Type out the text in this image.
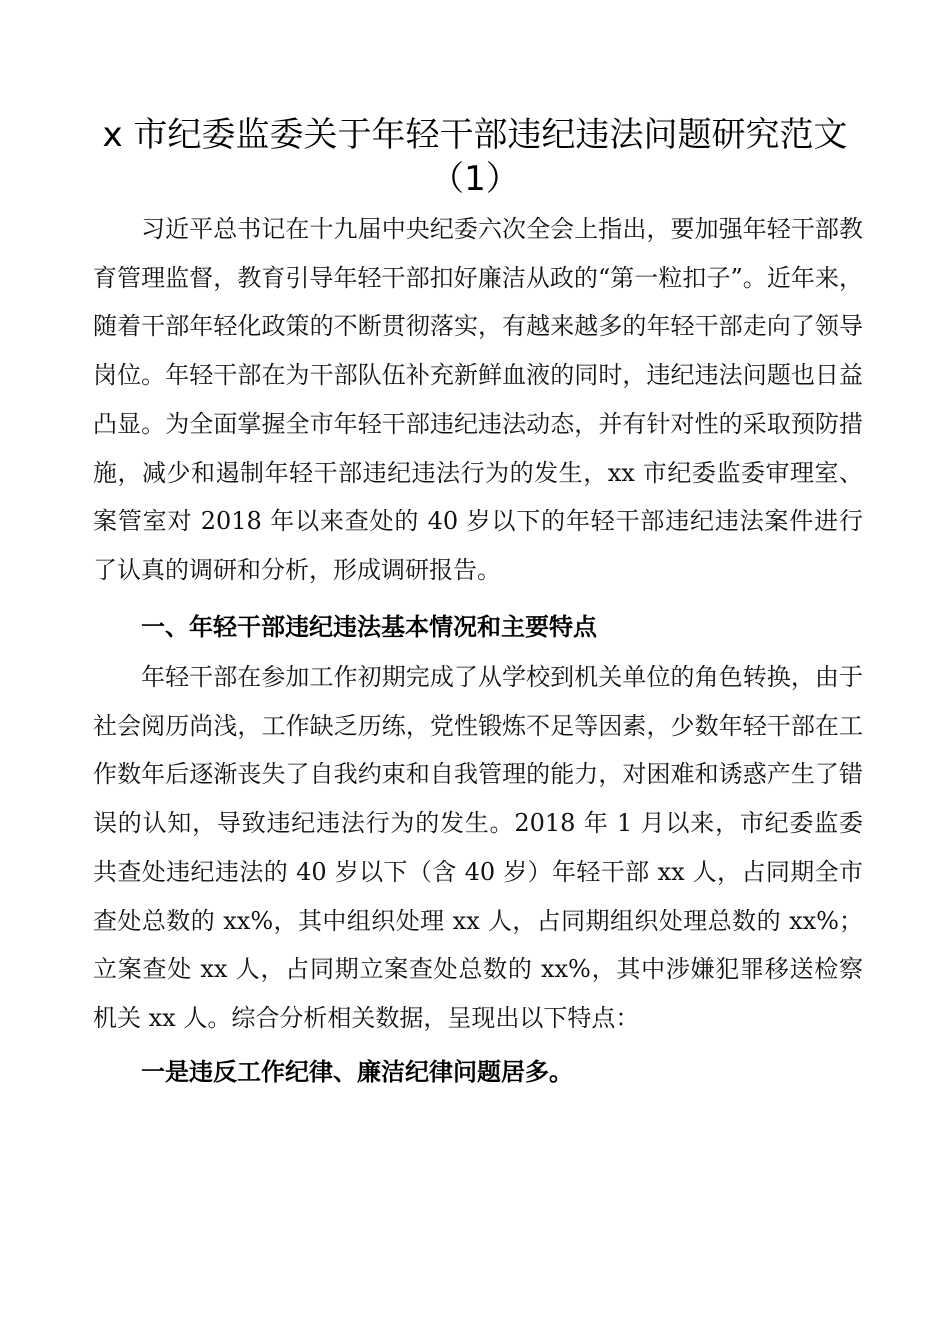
x 市纪委监委关于年轻干部违纪违法问题研究范文
（1）

习近平总书记在十九届中央纪委六次全会上指出，要加强年轻干部教育管理监督，教育引导年轻干部扣好廉洁从政的“第一粒扣子”。近年来，随着干部年轻化政策的不断贯彻落实，有越来越多的年轻干部走向了领导岗位。年轻干部在为干部队伍补充新鲜血液的同时，违纪违法问题也日益凸显。为全面掌握全市年轻干部违纪违法动态，并有针对性的采取预防措施，减少和遏制年轻干部违纪违法行为的发生，xx 市纪委监委审理室、案管室对 2018 年以来查处的 40 岁以下的年轻干部违纪违法案件进行了认真的调研和分析，形成调研报告。

一、年轻干部违纪违法基本情况和主要特点

年轻干部在参加工作初期完成了从学校到机关单位的角色转换，由于社会阅历尚浅，工作缺乏历练，党性锻炼不足等因素，少数年轻干部在工作数年后逐渐丧失了自我约束和自我管理的能力，对困难和诱惑产生了错误的认知，导致违纪违法行为的发生。2018 年 1 月以来，市纪委监委共查处违纪违法的 40 岁以下（含 40 岁）年轻干部 xx 人，占同期全市查处总数的 xx%，其中组织处理 xx 人，占同期组织处理总数的 xx%；立案查处 xx 人，占同期立案查处总数的 xx%，其中涉嫌犯罪移送检察机关 xx 人。综合分析相关数据，呈现出以下特点：

一是违反工作纪律、廉洁纪律问题居多。
